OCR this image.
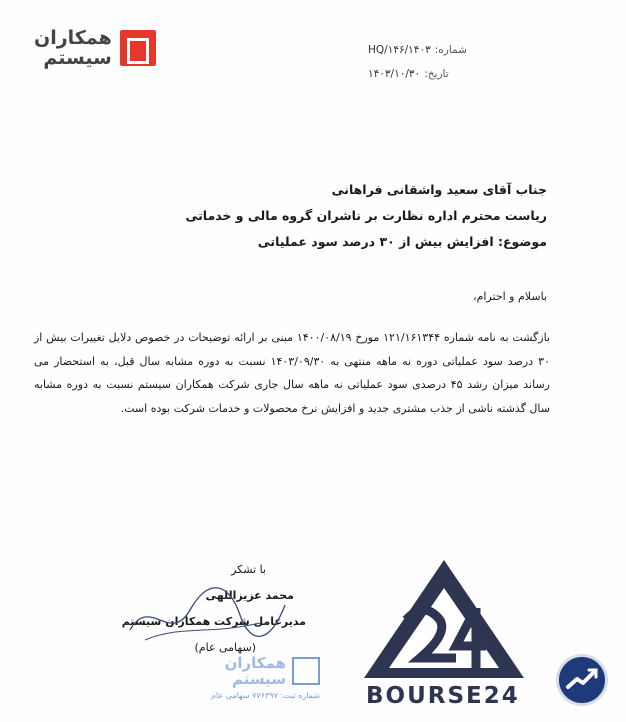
همکاران
سیستم	شماره:
۱۴۰۳/HQ/۱۴۶
تاریخ:
۱۴۰۳/۱۰/۳۰
جناب آقای سعید واشقانی فراهانی
ریاست محترم اداره نظارت بر ناشران گروه مالی و خدماتی
موضوع: افزایش بیش از ۳۰ درصد سود عملیاتی
باسلام و احترام،
بازگشت به نامه شماره ۱۲۱/۱۶۱۳۴۴ مورخ ۱۴۰۰/۰۸/۱۹ مبنی بر ارائه توضیحات در خصوص دلایل تغییرات بیش از ۳۰ درصد سود عملیاتی دوره نه ماهه منتهی به ۱۴۰۳/۰۹/۳۰ نسبت به دوره مشابه سال قبل، به استحضار می رساند میزان رشد ۴۵ درصدی سود عملیاتی نه ماهه سال جاری شرکت همکاران سیستم نسبت به دوره مشابه سال گذشته ناشی از جذب مشتری جدید و افزایش نرخ محصولات و خدمات شرکت بوده است.
با تشکر
محمد عزیزاللهی
مدیرعامل شرکت همکاران سیستم
(سهامی عام)
همکاران
سیستم
شماره ثبت: ۷۷۶۳۹۷ سهامی عام BOURSE24
